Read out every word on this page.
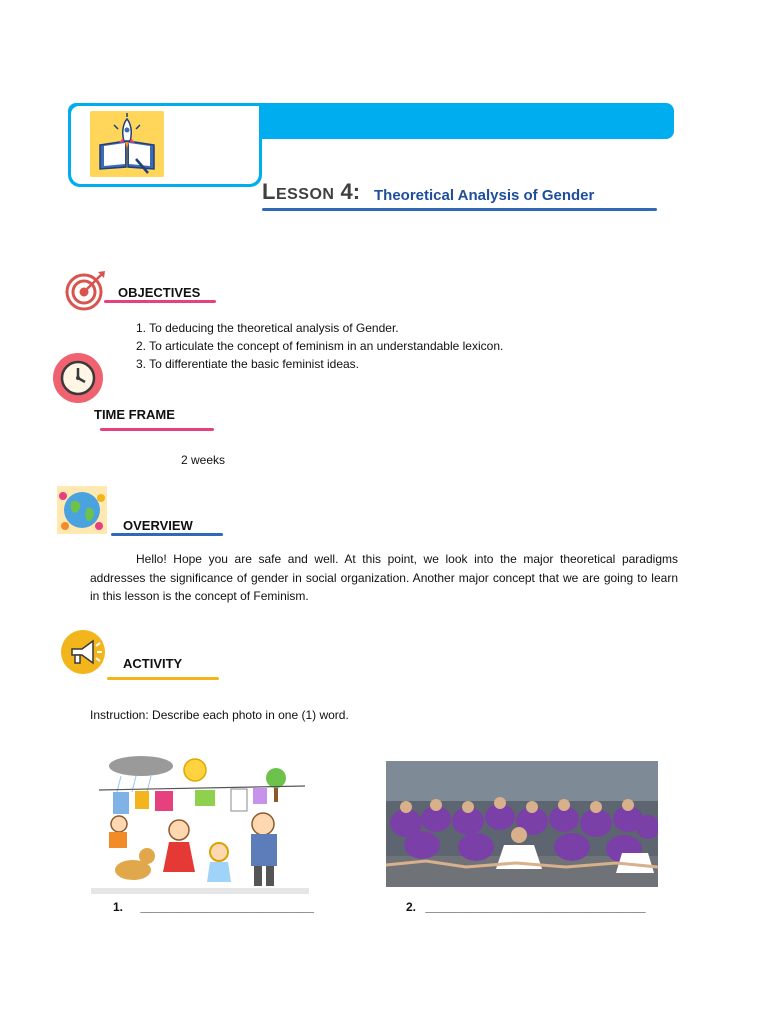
LESSON 4: Theoretical Analysis of Gender
OBJECTIVES
1. To deducing the theoretical analysis of Gender.
2. To articulate the concept of feminism in an understandable lexicon.
3. To differentiate the basic feminist ideas.
TIME FRAME
2 weeks
OVERVIEW
Hello! Hope you are safe and well. At this point, we look into the major theoretical paradigms addresses the significance of gender in social organization. Another major concept that we are going to learn in this lesson is the concept of Feminism.
ACTIVITY
Instruction: Describe each photo in one (1) word.
1. __________________________	2. _________________________________
